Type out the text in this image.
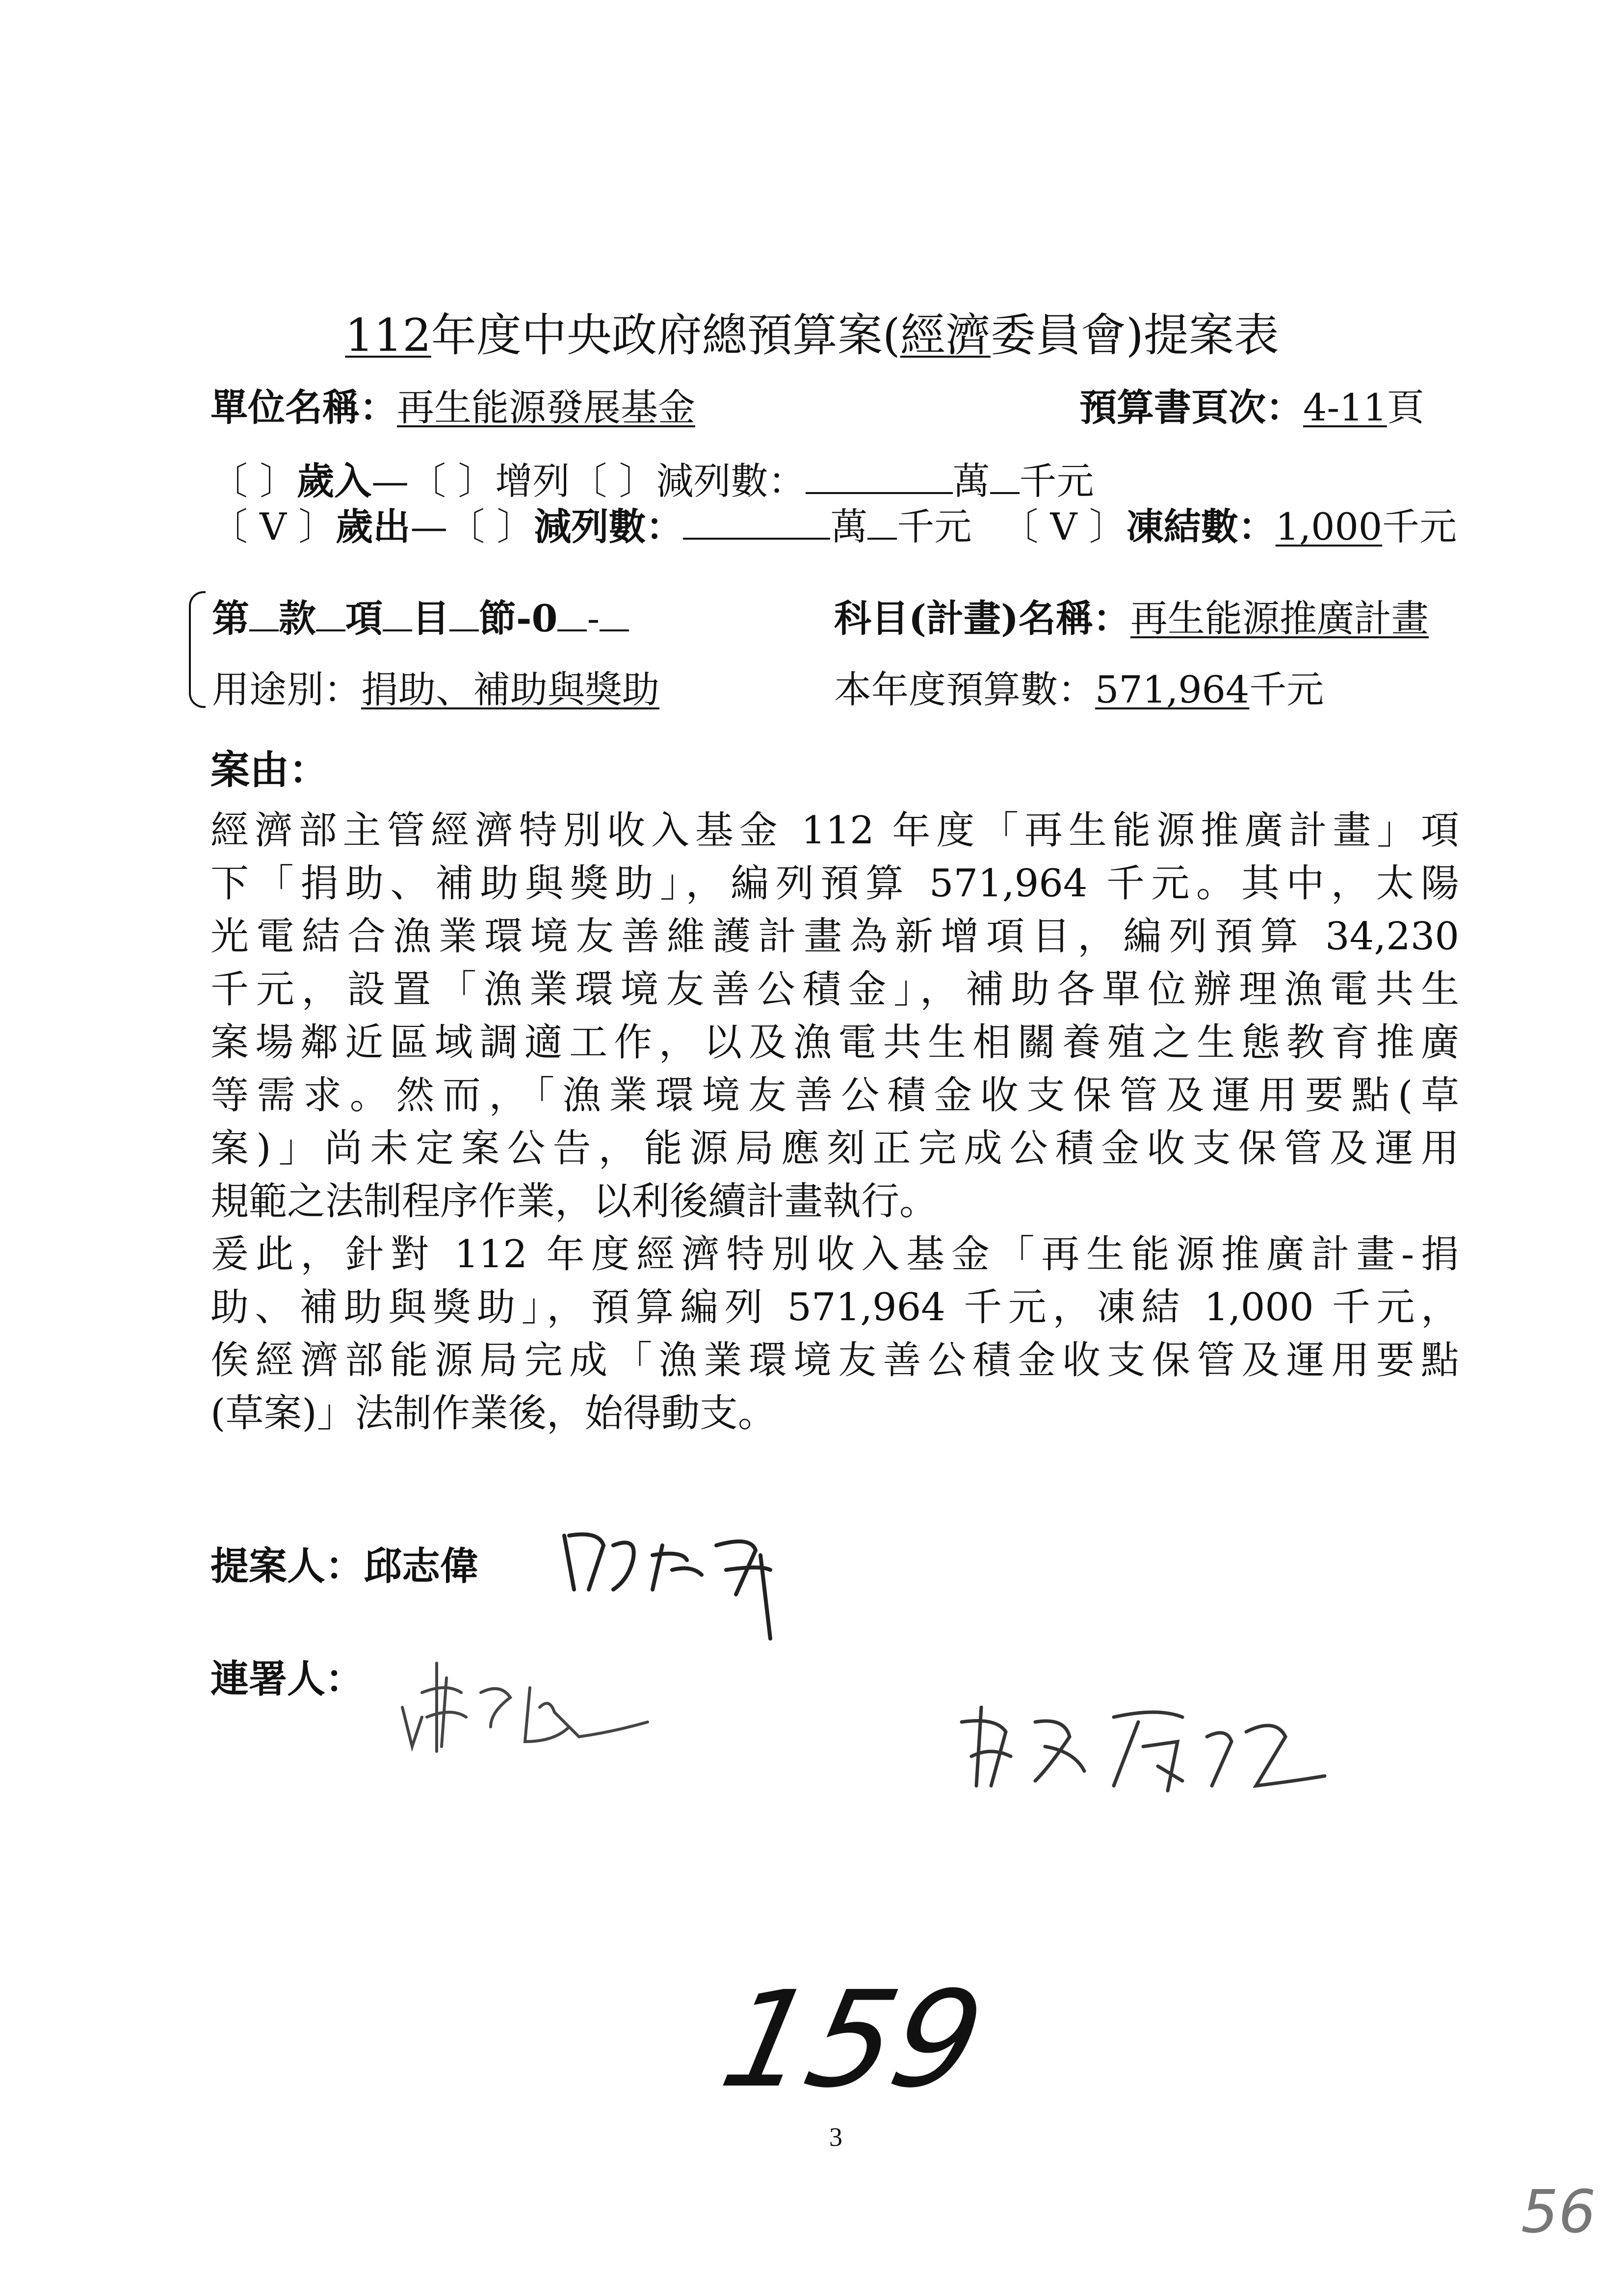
112年度中央政府總預算案(經濟委員會)提案表
單位名稱：再生能源發展基金	預算書頁次：4-11頁
〔 〕歲入—〔 〕增列〔 〕減列數：	萬 千元
〔 V 〕歲出—〔 〕減列數：	萬 千元 〔 V 〕凍結數：1,000千元
第 款 項 目 節-0 -	科目(計畫)名稱：再生能源推廣計畫
用途別：捐助、補助與獎助	本年度預算數：571,964千元
案由：
經濟部主管經濟特別收入基金 112 年度「再生能源推廣計畫」項
下「捐助、補助與獎助」，編列預算 571,964 千元。其中，太陽
光電結合漁業環境友善維護計畫為新增項目，編列預算 34,230
千元，設置「漁業環境友善公積金」，補助各單位辦理漁電共生
案場鄰近區域調適工作，以及漁電共生相關養殖之生態教育推廣
等需求。然而，「漁業環境友善公積金收支保管及運用要點(草
案)」尚未定案公告，能源局應刻正完成公積金收支保管及運用
規範之法制程序作業，以利後續計畫執行。
爰此，針對 112 年度經濟特別收入基金「再生能源推廣計畫-捐
助、補助與獎助」，預算編列 571,964 千元，凍結 1,000 千元，
俟經濟部能源局完成「漁業環境友善公積金收支保管及運用要點
(草案)」法制作業後，始得動支。
提案人：邱志偉
連署人：
159
3
56
